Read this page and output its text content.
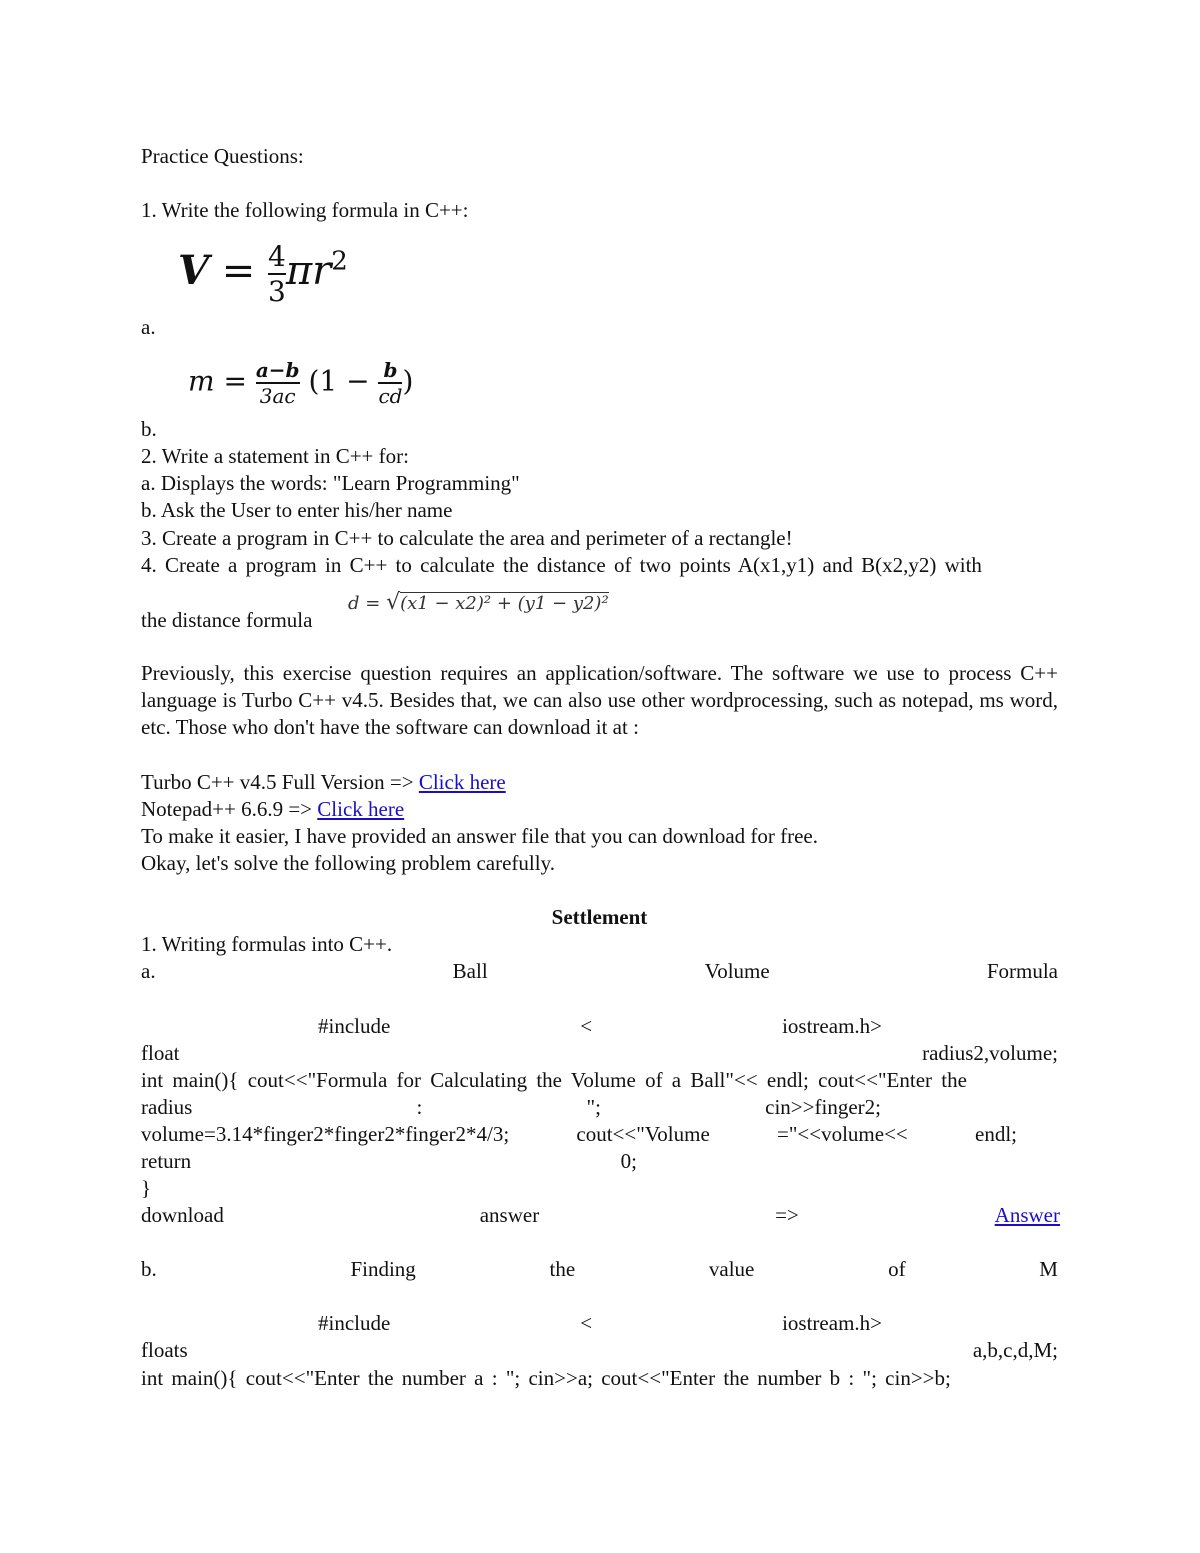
Practice Questions:
1. Write the following formula in C++:
$V = \frac{4}{3} \pi r^2$
a.
$m = \frac{a-b}{3ac} (1 - \frac{b}{cd}$ )
b.
2. Write a statement in C++ for:
a. Displays the words: "Learn Programming"
b. Ask the User to enter his/her name
3. Create a program in C++ to calculate the area and perimeter of a rectangle!
4. Create a program in C++ to calculate the distance of two points A(x1,y1) and B(x2,y2) with
d = √(x1 − x2)² + (y1 − y2)²
the distance formula
Previously, this exercise question requires an application/software. The software we use to process C++ language is Turbo C++ v4.5. Besides that, we can also use other wordprocessing, such as notepad, ms word, etc. Those who don't have the software can download it at :
Turbo C++ v4.5 Full Version => Click here
Notepad++ 6.6.9 => Click here
To make it easier, I have provided an answer file that you can download for free.
Okay, let's solve the following problem carefully.
Settlement
1. Writing formulas into C++.
a.	Ball	Volume	Formula
#include	<	iostream.h>
float	radius2,volume;
int main(){ cout<<"Formula for Calculating the Volume of a Ball"<< endl; cout<<"Enter the
radius	:	";	cin>>finger2;
volume=3.14*finger2*finger2*finger2*4/3;	cout<<"Volume	="<<volume<<	endl;
return	0;
}
download	answer	=>	Answer
b.	Finding	the	value	of	M
#include	<	iostream.h>
floats	a,b,c,d,M;
int main(){ cout<<"Enter the number a : "; cin>>a; cout<<"Enter the number b : "; cin>>b;
